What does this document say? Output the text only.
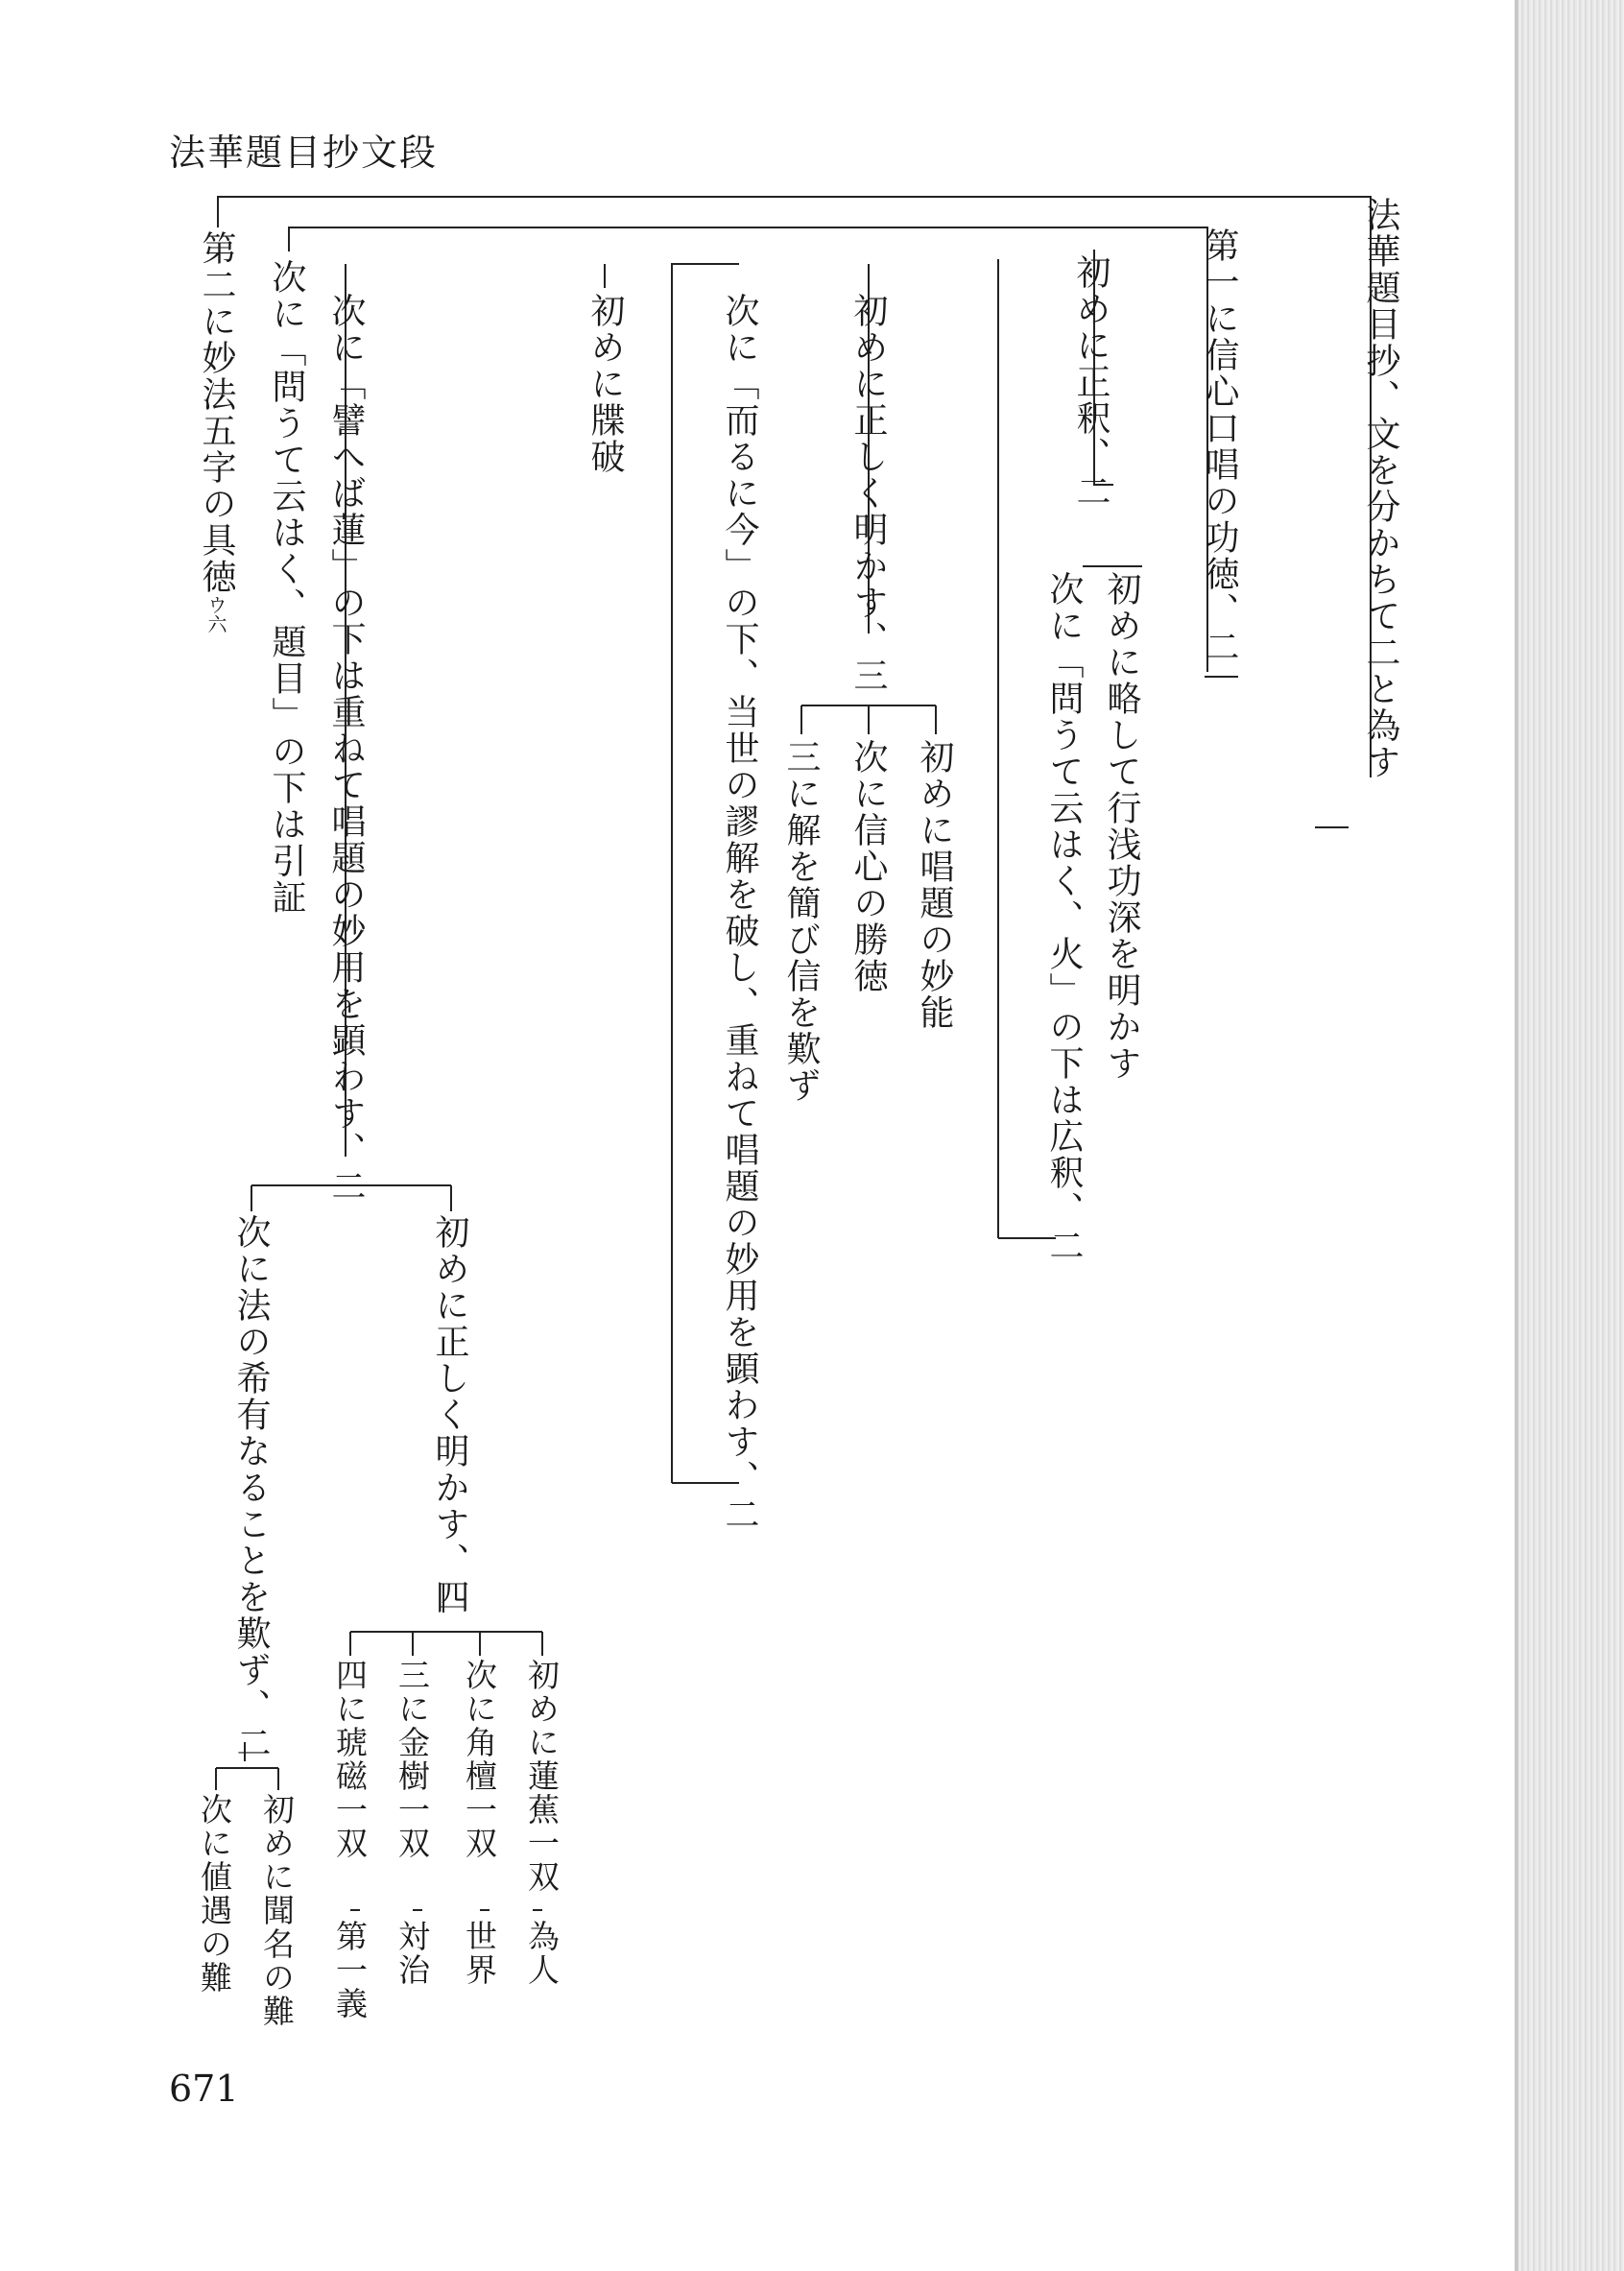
法華題目抄文段
法華題目抄、文を分かちて二と為す
第一に信心口唱の功徳、二
初めに正釈、二
初めに略して行浅功深を明かす
次に「問うて云はく、火」の下は広釈、二
初めに正しく明かす、三
初めに唱題の妙能
次に信心の勝徳
三に解を簡び信を歎ず
次に「而るに今」の下、当世の謬解を破し、重ねて唱題の妙用を顕わす、二
初めに牒破
次に「譬へば蓮」の下は重ねて唱題の妙用を顕わす、二
初めに正しく明かす、四
初めに蓮蕉一双
為人
次に角檀一双
世界
三に金樹一双
対治
四に琥磁一双
第一義
次に法の希有なることを歎ず、二
初めに聞名の難
次に値遇の難
次に「問うて云はく、題目」の下は引証
第二に妙法五字の具徳ウ六
671
